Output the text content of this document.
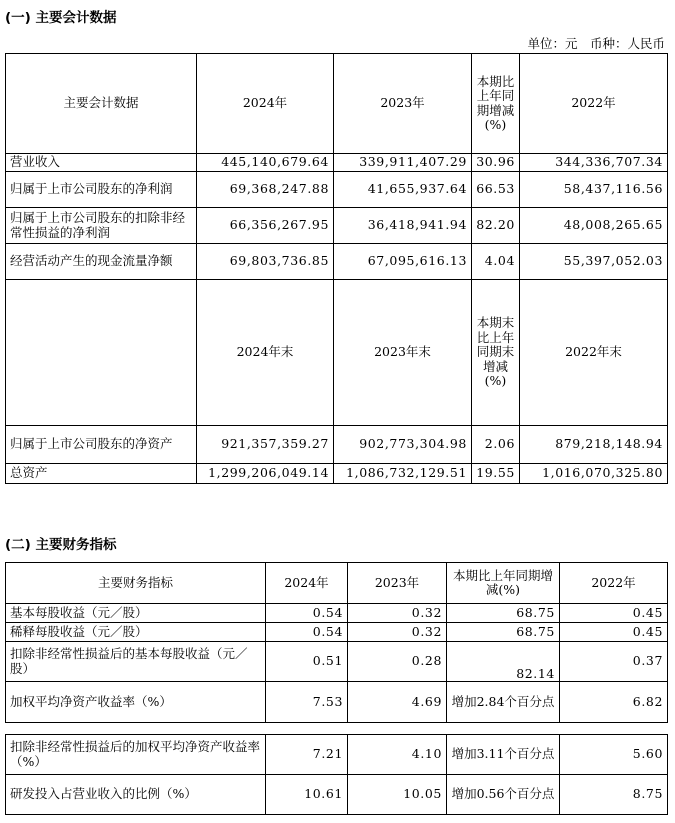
(一) 主要会计数据
单位：元　币种：人民币
主要会计数据	2024年	2023年	本期比上年同期增减(%)	2022年
营业收入	445,140,679.64	339,911,407.29	30.96	344,336,707.34
归属于上市公司股东的净利润	69,368,247.88	41,655,937.64	66.53	58,437,116.56
归属于上市公司股东的扣除非经常性损益的净利润	66,356,267.95	36,418,941.94	82.20	48,008,265.65
经营活动产生的现金流量净额	69,803,736.85	67,095,616.13	4.04	55,397,052.03
	2024年末	2023年末	本期末比上年同期末增减(%)	2022年末
归属于上市公司股东的净资产	921,357,359.27	902,773,304.98	2.06	879,218,148.94
总资产	1,299,206,049.14	1,086,732,129.51	19.55	1,016,070,325.80
(二) 主要财务指标
主要财务指标	2024年	2023年	本期比上年同期增减(%)	2022年
基本每股收益（元／股）	0.54	0.32	68.75	0.45
稀释每股收益（元／股）	0.54	0.32	68.75	0.45
扣除非经常性损益后的基本每股收益（元／股）	0.51	0.28	82.14	0.37
加权平均净资产收益率（%）	7.53	4.69	增加2.84个百分点	6.82

扣除非经常性损益后的加权平均净资产收益率（%）	7.21	4.10	增加3.11个百分点	5.60
研发投入占营业收入的比例（%）	10.61	10.05	增加0.56个百分点	8.75
